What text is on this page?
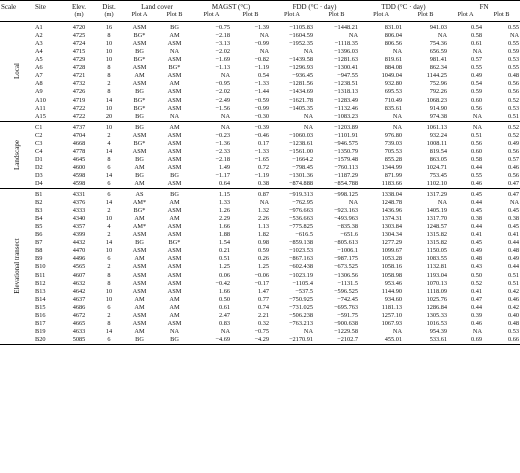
Scale	Site	Elev.	Dist.	Land cover		MAGST (°C)		FDD (°C · day)		TDD (°C · day)		FN	
		(m)	(m)	Plot A	Plot B	Plot A	Plot B	Plot A	Plot B	Plot A	Plot B	Plot A	Plot B

Local	A1	4720	16	ASM	BG	−0.75	−1.39	−1105.83	−1448.21	831.01	941.03	0.54	0.55
	A2	4725	8	BG*	AM	−2.18	NA	−1604.59	NA	806.04	NA	0.58	NA
	A3	4724	10	ASM	ASM	−3.13	−0.99	−1952.35	−1118.35	806.56	754.36	0.61	0.55
	A4	4715	10	BG	NA	−2.02	NA	NA	−1396.03	NA	656.59	NA	0.59
	A5	4729	10	BG*	ASM	−1.69	−0.82	−1439.58	−1281.63	819.61	981.41	0.57	0.53
	A6	4728	8	ASM	BG*	−1.13	−1.19	−1296.93	−1300.41	884.08	862.34	0.55	0.55
	A7	4721	8	AM	ASM	NA	0.54	−936.45	−947.55	1049.04	1144.25	0.49	0.48
	A8	4732	2	ASM	AM	−0.95	−1.33	−1281.56	−1238.51	932.80	752.96	0.54	0.56
	A9	4726	8	BG	ASM	−2.02	−1.44	−1434.69	−1318.13	695.53	792.26	0.59	0.56
	A10	4719	14	BG*	ASM	−2.49	−0.59	−1621.78	−1283.49	710.49	1068.23	0.60	0.52
	A11	4722	10	BG*	ASM	−1.56	−0.99	−1405.35	−1132.46	835.61	914.90	0.56	0.53
	A15	4722	20	BG	NA	NA	−0.30	NA	−1083.23	NA	974.38	NA	0.51

Landscape	C1	4737	10	BG	AM	NA	−0.39	NA	−1203.89	NA	1061.13	NA	0.52
	C2	4704	2	ASM	ASM	−0.23	−0.46	−1060.03	−1101.91	976.80	932.24	0.51	0.52
	C3	4668	4	BG*	ASM	−1.36	0.17	−1238.61	−946.575	739.03	1008.11	0.56	0.49
	C4	4778	14	ASM	ASM	−2.33	−1.33	−1561.00	−1350.79	705.53	819.54	0.60	0.56
	D1	4645	8	BG	ASM	−2.18	−1.65	−1664.2	−1579.48	855.28	863.05	0.58	0.57
	D2	4600	6	AM	ASM	1.49	0.72	−798.45	−760.113	1344.99	1024.71	0.44	0.46
	D3	4598	14	BG	BG	−1.17	−1.19	−1301.36	−1187.29	871.99	753.45	0.55	0.56
	D4	4598	6	AM	ASM	0.64	0.38	−874.888	−854.788	1183.66	1102.10	0.46	0.47

Elevational transect	B1	4331	6	AS	BG	1.15	0.87	−919.313	−998.125	1338.04	1317.29	0.45	0.47
	B2	4376	14	AM*	AM	1.33	NA	−762.95	NA	1248.78	NA	0.44	NA
	B3	4333	2	BG*	ASM	1.26	1.32	−976.663	−923.163	1436.96	1405.19	0.45	0.45
	B4	4340	10	AM	AM	2.29	2.26	−536.663	−493.963	1374.31	1317.70	0.38	0.38
	B5	4357	4	AM*	ASM	1.66	1.13	−775.825	−835.38	1303.84	1248.57	0.44	0.45
	B6	4399	2	ASM	ASM	1.88	1.82	−616.5	−651.6	1304.34	1315.82	0.41	0.41
	B7	4432	14	BG	BG*	1.54	0.98	−859.138	−805.613	1277.29	1315.82	0.45	0.44
	B8	4470	10	ASM	ASM	0.21	0.59	−1023.53	−1006.1	1099.67	1150.05	0.49	0.48
	B9	4496	6	AM	ASM	0.51	0.26	−867.163	−987.175	1053.28	1083.55	0.48	0.49
	B10	4565	2	ASM	ASM	1.25	1.25	−602.438	−673.525	1058.16	1132.81	0.43	0.44
	B11	4607	8	ASM	ASM	0.06	−0.06	−1023.19	−1306.56	1058.98	1193.04	0.50	0.51
	B12	4632	8	ASM	ASM	−0.42	−0.17	−1105.4	−1131.5	953.46	1070.13	0.52	0.51
	B13	4642	10	ASM	ASM	1.66	1.47	−537.5	−596.525	1144.90	1118.09	0.41	0.42
	B14	4637	10	AM	AM	0.50	0.77	−750.925	−742.45	934.60	1025.76	0.47	0.46
	B15	4686	6	AM	AM	0.61	0.74	−731.025	−695.763	1181.13	1286.84	0.44	0.42
	B16	4672	2	ASM	AM	2.47	2.21	−506.238	−591.75	1257.10	1305.33	0.39	0.40
	B17	4665	8	ASM	ASM	0.83	0.32	−763.213	−900.638	1067.93	1016.53	0.46	0.48
	B19	4633	14	AM	NA	NA	−0.75	NA	−1229.58	NA	954.39	NA	0.53
	B20	5085	6	BG	BG	−4.69	−4.29	−2170.91	−2102.7	455.01	533.61	0.69	0.66
